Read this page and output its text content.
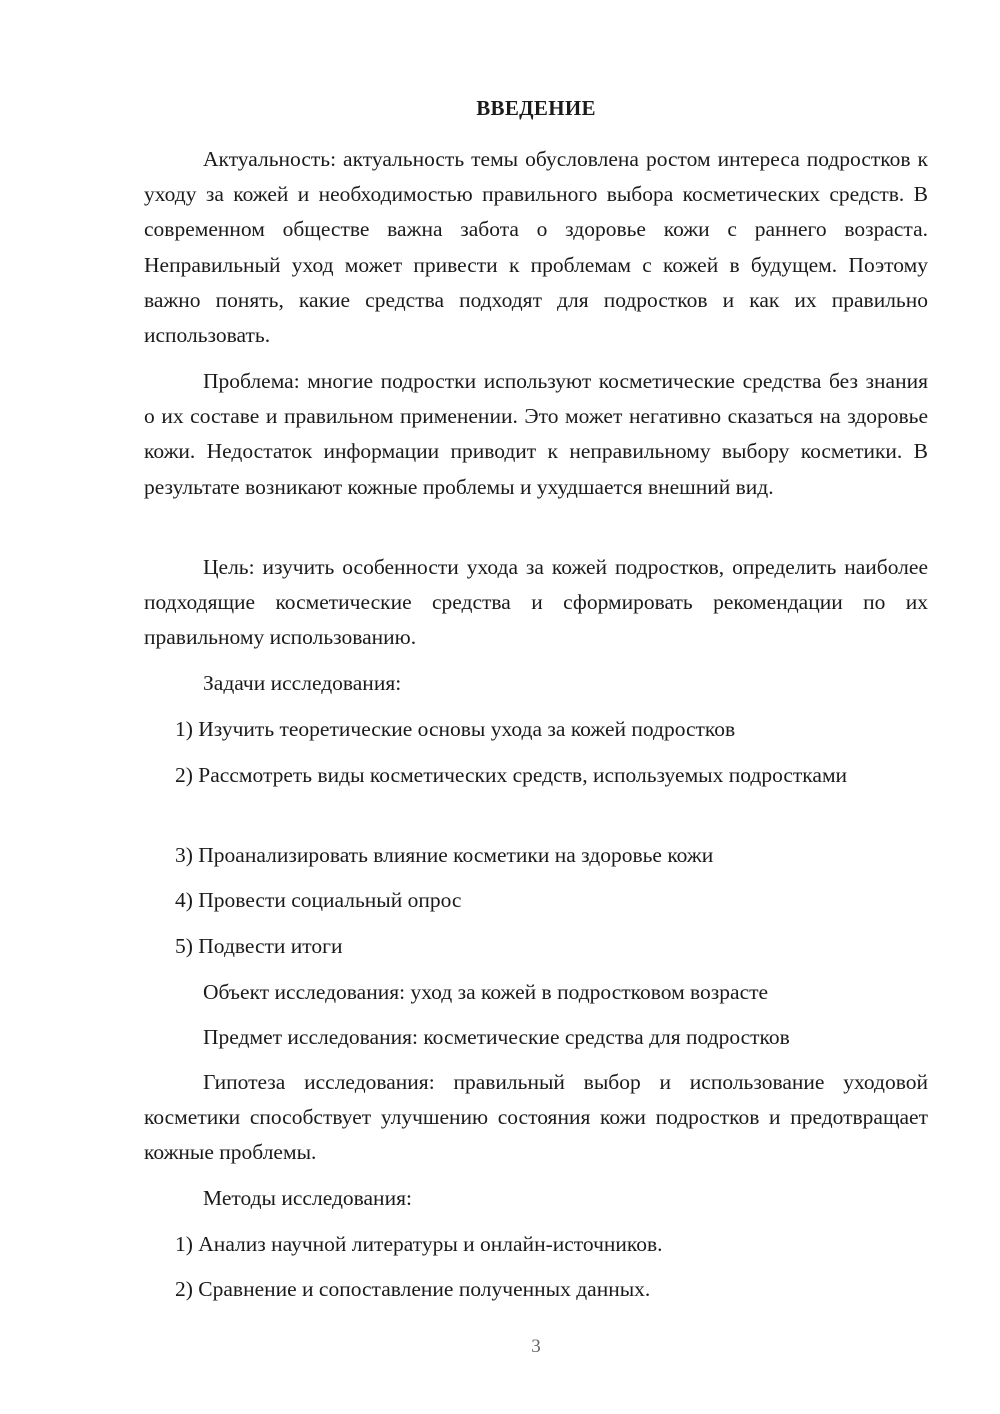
ВВЕДЕНИЕ

Актуальность: актуальность темы обусловлена ростом интереса подростков к уходу за кожей и необходимостью правильного выбора косметических средств. В современном обществе важна забота о здоровье кожи с раннего возраста. Неправильный уход может привести к проблемам с кожей в будущем. Поэтому важно понять, какие средства подходят для подростков и как их правильно использовать.

Проблема: многие подростки используют косметические средства без знания о их составе и правильном применении. Это может негативно сказаться на здоровье кожи. Недостаток информации приводит к неправильному выбору косметики. В результате возникают кожные проблемы и ухудшается внешний вид.

Цель: изучить особенности ухода за кожей подростков, определить наиболее подходящие косметические средства и сформировать рекомендации по их правильному использованию.

Задачи исследования:

1) Изучить теоретические основы ухода за кожей подростков

2) Рассмотреть виды косметических средств, используемых подростками

3) Проанализировать влияние косметики на здоровье кожи

4) Провести социальный опрос

5) Подвести итоги

Объект исследования: уход за кожей в подростковом возрасте

Предмет исследования: косметические средства для подростков

Гипотеза исследования: правильный выбор и использование уходовой косметики способствует улучшению состояния кожи подростков и предотвращает кожные проблемы.

Методы исследования:

1) Анализ научной литературы и онлайн-источников.

2) Сравнение и сопоставление полученных данных.

3
